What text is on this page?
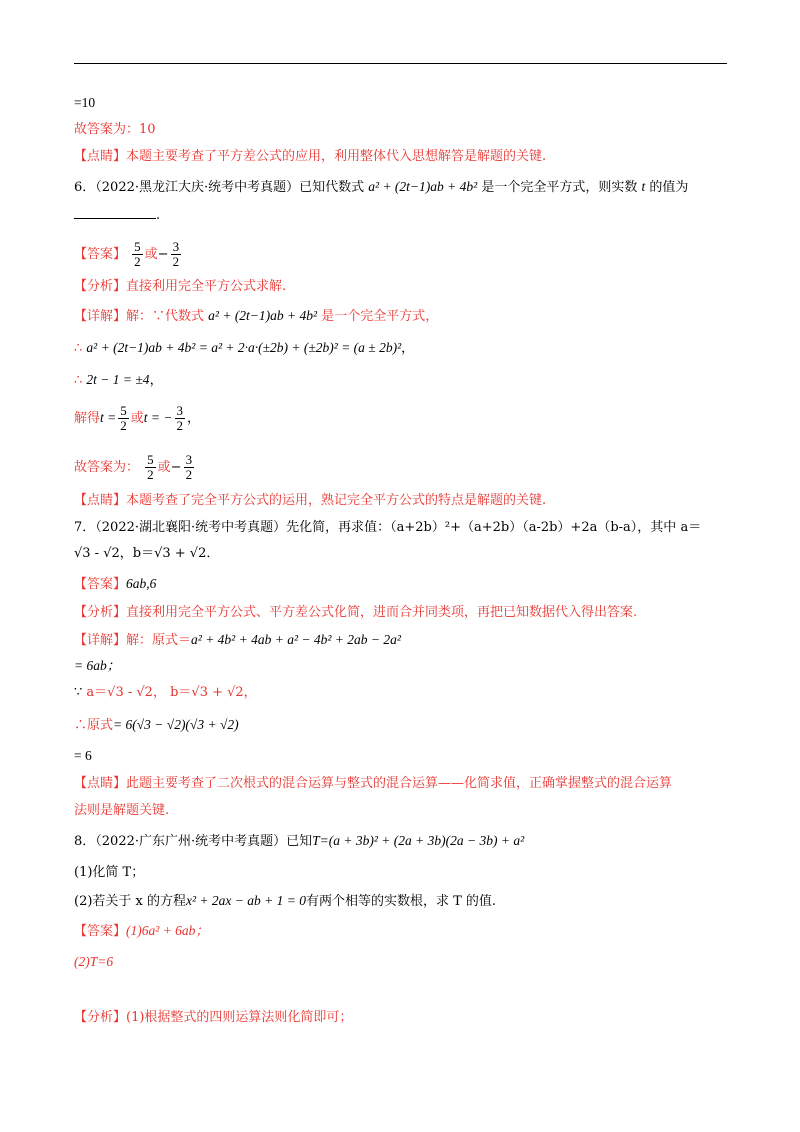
=10
故答案为：10
【点睛】本题主要考查了平方差公式的应用，利用整体代入思想解答是解题的关键.
6．（2022·黑龙江大庆·统考中考真题）已知代数式 a² + (2t−1)ab + 4b² 是一个完全平方式，则实数 t 的值为
.
【答案】 $\frac{5}{2}$ 或− $\frac{3}{2}$
【分析】直接利用完全平方公式求解.
【详解】解：∵代数式 a² + (2t−1)ab + 4b² 是一个完全平方式，
∴ a² + (2t−1)ab + 4b² = a² + 2·a·(±2b) + (±2b)² = (a ± 2b)²，
∴ 2t − 1 = ±4，
解得$t = \frac{5}{2}$ 或t = − $\frac{3}{2}$ ，
故答案为： $\frac{5}{2}$ 或− $\frac{3}{2}$
【点睛】本题考查了完全平方公式的运用，熟记完全平方公式的特点是解题的关键.
7．（2022·湖北襄阳·统考中考真题）先化简，再求值：（a+2b）²+（a+2b）（a-2b）+2a（b-a），其中 a＝
√3 - √2，b＝√3 + √2．
【答案】6ab,6
【分析】直接利用完全平方公式、平方差公式化简，进而合并同类项，再把已知数据代入得出答案.
【详解】解：原式＝a² + 4b² + 4ab + a² − 4b² + 2ab − 2a²
= 6ab；
∵ a＝√3 - √2， b＝√3 + √2，
∴原式= 6(√3 − √2)(√3 + √2)
= 6
【点睛】此题主要考查了二次根式的混合运算与整式的混合运算——化简求值，正确掌握整式的混合运算
法则是解题关键.
8．（2022·广东广州·统考中考真题）已知T=(a + 3b)² + (2a + 3b)(2a − 3b) + a²
(1)化简 T；
(2)若关于 x 的方程x² + 2ax − ab + 1 = 0有两个相等的实数根，求 T 的值.
【答案】(1)6a² + 6ab；
(2)T=6
【分析】(1)根据整式的四则运算法则化简即可；
